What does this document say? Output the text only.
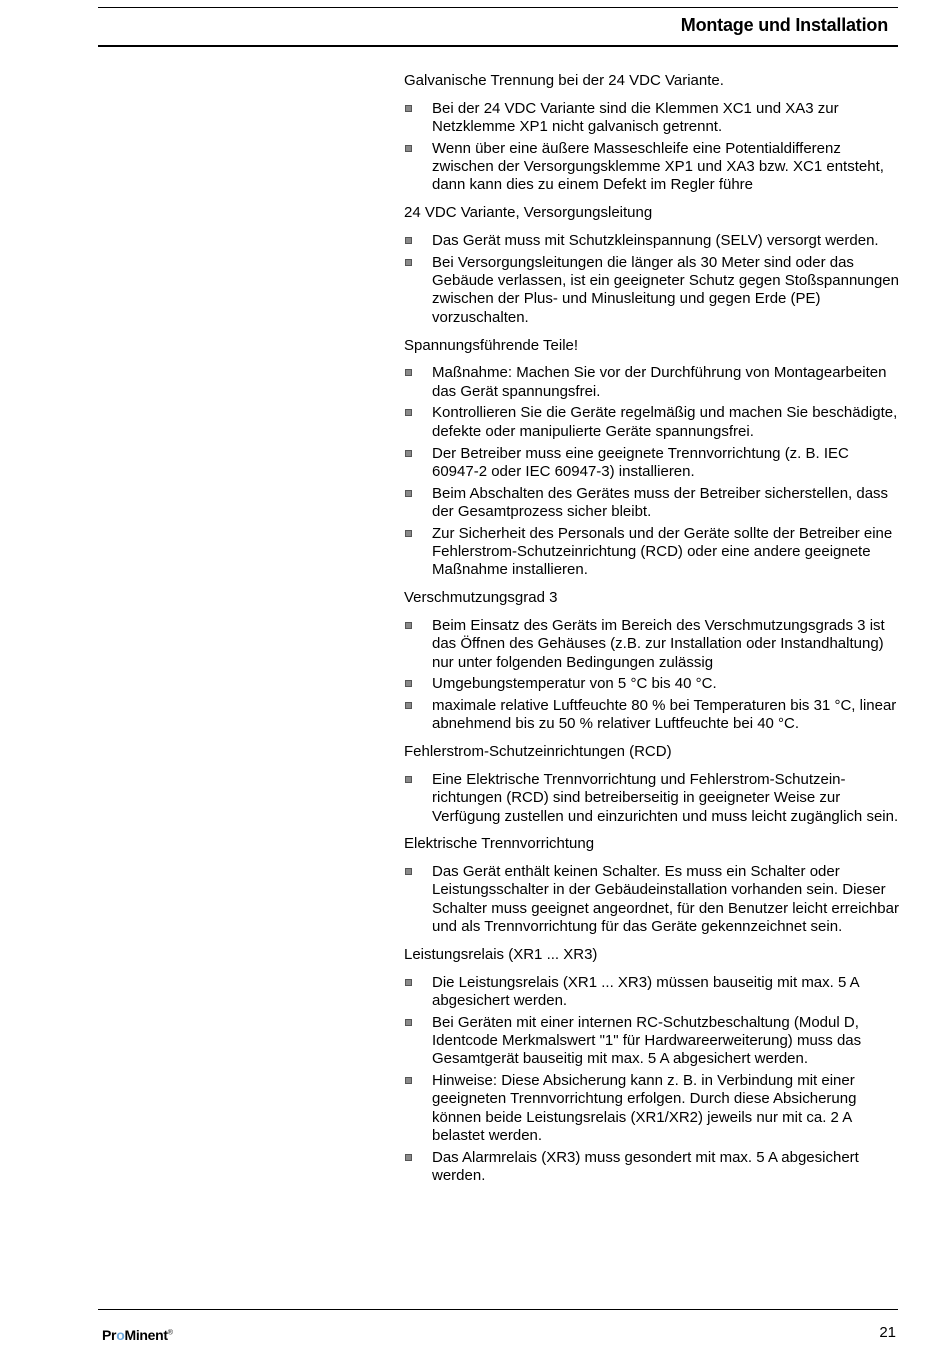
Montage und Installation

Galvanische Trennung bei der 24 VDC Variante.

Bei der 24 VDC Variante sind die Klemmen XC1 und XA3 zur Netzklemme XP1 nicht galvanisch getrennt.
Wenn über eine äußere Masseschleife eine Potentialdifferenz zwischen der Versorgungsklemme XP1 und XA3 bzw. XC1 entsteht, dann kann dies zu einem Defekt im Regler führe

24 VDC Variante, Versorgungsleitung

Das Gerät muss mit Schutzkleinspannung (SELV) versorgt werden.
Bei Versorgungsleitungen die länger als 30 Meter sind oder das Gebäude verlassen, ist ein geeigneter Schutz gegen Stoßspannungen zwischen der Plus- und Minusleitung und gegen Erde (PE) vorzuschalten.

Spannungsführende Teile!

Maßnahme: Machen Sie vor der Durchführung von Montagearbeiten das Gerät spannungsfrei.
Kontrollieren Sie die Geräte regelmäßig und machen Sie beschädigte, defekte oder manipulierte Geräte spannungsfrei.
Der Betreiber muss eine geeignete Trennvorrichtung (z. B. IEC 60947-2 oder IEC 60947-3) installieren.
Beim Abschalten des Gerätes muss der Betreiber sicherstellen, dass der Gesamtprozess sicher bleibt.
Zur Sicherheit des Personals und der Geräte sollte der Betreiber eine Fehlerstrom-Schutzeinrichtung (RCD) oder eine andere geeignete Maßnahme installieren.

Verschmutzungsgrad 3

Beim Einsatz des Geräts im Bereich des Verschmutzungsgrads 3 ist das Öffnen des Gehäuses (z.B. zur Installation oder Instandhaltung) nur unter folgenden Bedingungen zulässig
Umgebungstemperatur von 5 °C bis 40 °C.
maximale relative Luftfeuchte 80 % bei Temperaturen bis 31 °C, linear abnehmend bis zu 50 % relativer Luftfeuchte bei 40 °C.

Fehlerstrom-Schutzeinrichtungen (RCD)

Eine Elektrische Trennvorrichtung und Fehlerstrom-Schutzeinrichtungen (RCD) sind betreiberseitig in geeigneter Weise zur Verfügung zustellen und einzurichten und muss leicht zugänglich sein.

Elektrische Trennvorrichtung

Das Gerät enthält keinen Schalter. Es muss ein Schalter oder Leistungsschalter in der Gebäudeinstallation vorhanden sein. Dieser Schalter muss geeignet angeordnet, für den Benutzer leicht erreichbar und als Trennvorrichtung für das Geräte gekennzeichnet sein.

Leistungsrelais (XR1 ... XR3)

Die Leistungsrelais (XR1 ... XR3) müssen bauseitig mit max. 5 A abgesichert werden.
Bei Geräten mit einer internen RC-Schutzbeschaltung (Modul D, Identcode Merkmalswert "1" für Hardwareerweiterung) muss das Gesamtgerät bauseitig mit max. 5 A abgesichert werden.
Hinweise: Diese Absicherung kann z. B. in Verbindung mit einer geeigneten Trennvorrichtung erfolgen. Durch diese Absicherung können beide Leistungsrelais (XR1/XR2) jeweils nur mit ca. 2 A belastet werden.
Das Alarmrelais (XR3) muss gesondert mit max. 5 A abgesichert werden.
ProMinent®	21
